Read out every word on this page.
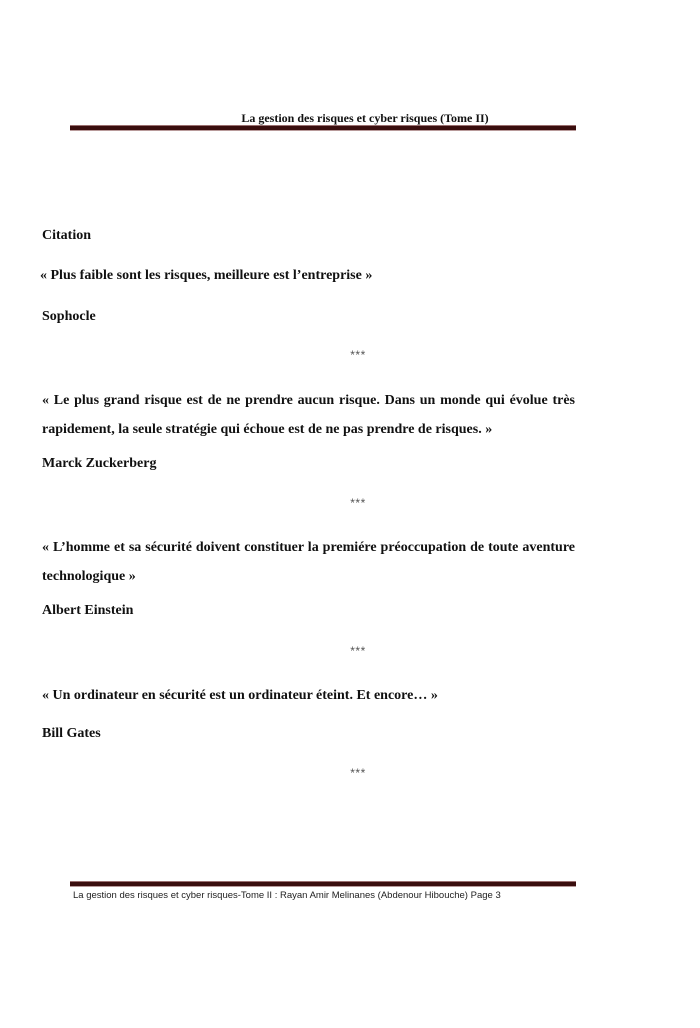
La gestion des risques et cyber risques (Tome II)
Citation
« Plus faible sont les risques, meilleure est l’entreprise »
Sophocle
***
« Le plus grand risque est de ne prendre aucun risque. Dans un monde qui évolue très rapidement, la seule stratégie qui échoue est de ne pas prendre de risques. »
Marck Zuckerberg
***
« L’homme et sa sécurité doivent constituer la premiére préoccupation de toute aventure technologique »
Albert Einstein
***
« Un ordinateur en sécurité est un ordinateur éteint. Et encore… »
Bill Gates
***
La gestion des risques et cyber risques-Tome II : Rayan Amir Melinanes (Abdenour Hibouche) Page 3
